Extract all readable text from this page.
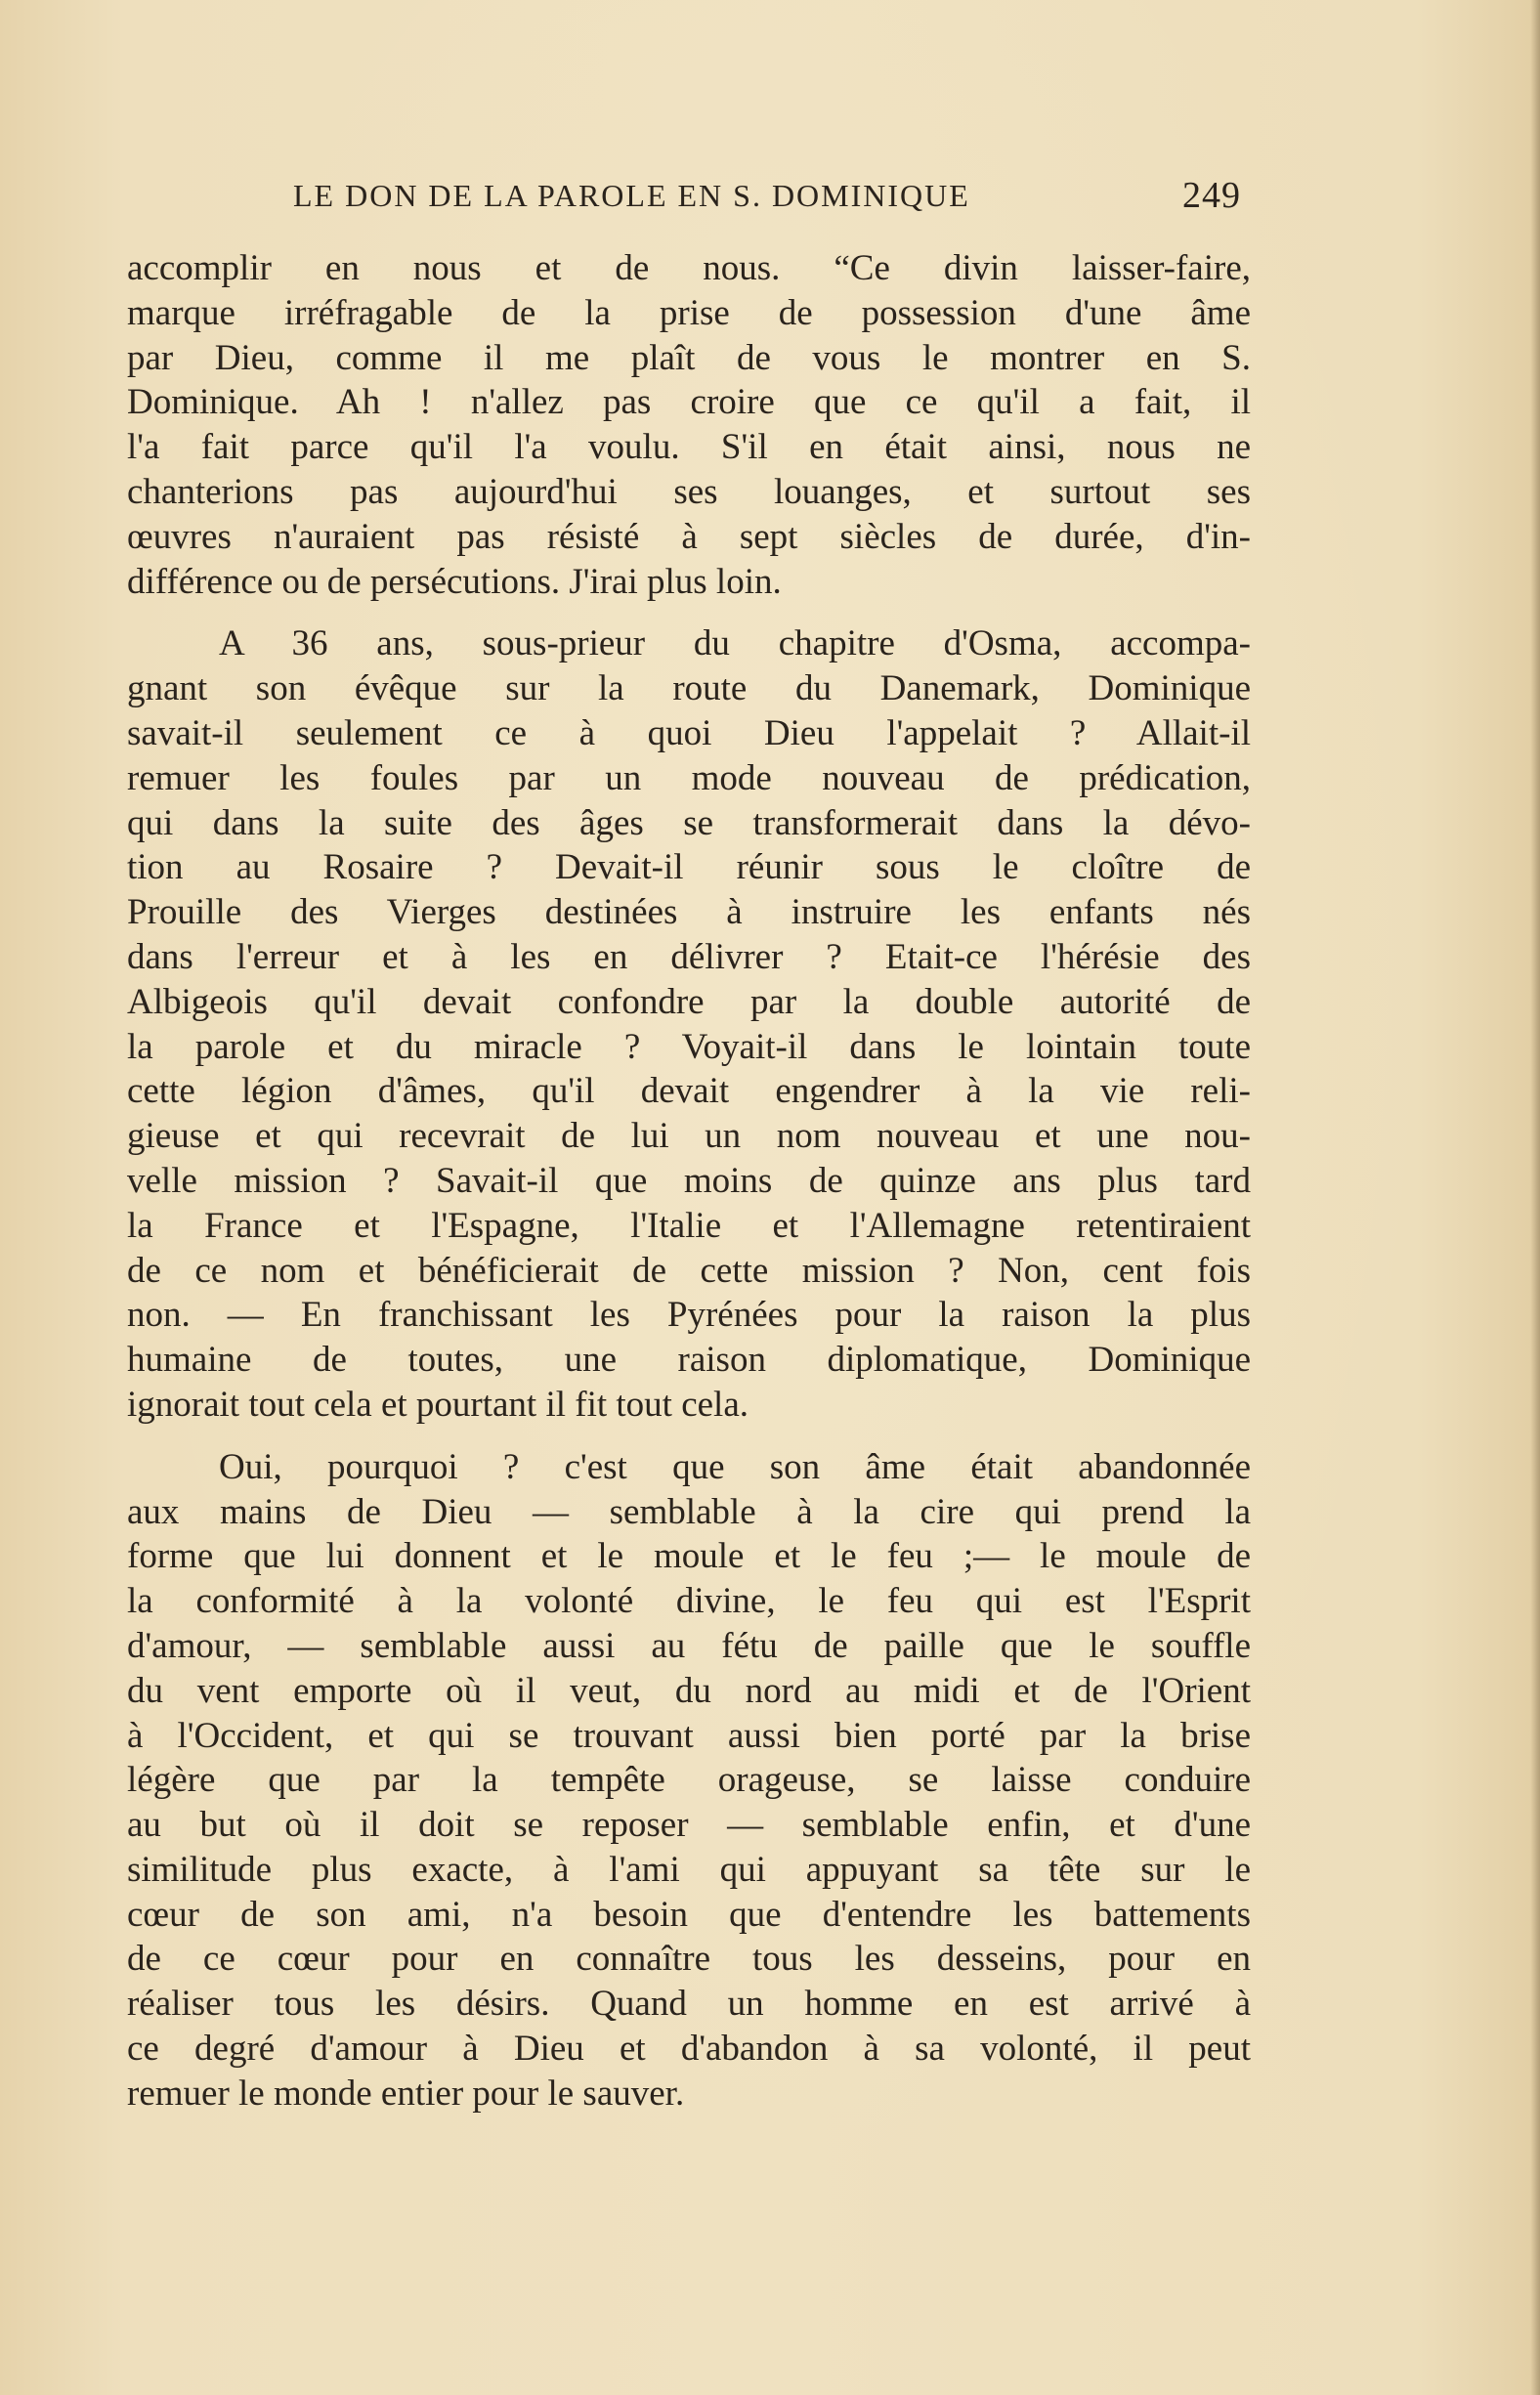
LE DON DE LA PAROLE EN S. DOMINIQUE	249
accomplir en nous et de nous. “Ce divin laisser-faire,
marque irréfragable de la prise de possession d'une âme
par Dieu, comme il me plaît de vous le montrer en S.
Dominique. Ah ! n'allez pas croire que ce qu'il a fait, il
l'a fait parce qu'il l'a voulu. S'il en était ainsi, nous ne
chanterions pas aujourd'hui ses louanges, et surtout ses
œuvres n'auraient pas résisté à sept siècles de durée, d'in-
différence ou de persécutions. J'irai plus loin.
A 36 ans, sous-prieur du chapitre d'Osma, accompa-
gnant son évêque sur la route du Danemark, Dominique
savait-il seulement ce à quoi Dieu l'appelait ? Allait-il
remuer les foules par un mode nouveau de prédication,
qui dans la suite des âges se transformerait dans la dévo-
tion au Rosaire ? Devait-il réunir sous le cloître de
Prouille des Vierges destinées à instruire les enfants nés
dans l'erreur et à les en délivrer ? Etait-ce l'hérésie des
Albigeois qu'il devait confondre par la double autorité de
la parole et du miracle ? Voyait-il dans le lointain toute
cette légion d'âmes, qu'il devait engendrer à la vie reli-
gieuse et qui recevrait de lui un nom nouveau et une nou-
velle mission ? Savait-il que moins de quinze ans plus tard
la France et l'Espagne, l'Italie et l'Allemagne retentiraient
de ce nom et bénéficierait de cette mission ? Non, cent fois
non. — En franchissant les Pyrénées pour la raison la plus
humaine de toutes, une raison diplomatique, Dominique
ignorait tout cela et pourtant il fit tout cela.
Oui, pourquoi ? c'est que son âme était abandonnée
aux mains de Dieu — semblable à la cire qui prend la
forme que lui donnent et le moule et le feu ;— le moule de
la conformité à la volonté divine, le feu qui est l'Esprit
d'amour, — semblable aussi au fétu de paille que le souffle
du vent emporte où il veut, du nord au midi et de l'Orient
à l'Occident, et qui se trouvant aussi bien porté par la brise
légère que par la tempête orageuse, se laisse conduire
au but où il doit se reposer — semblable enfin, et d'une
similitude plus exacte, à l'ami qui appuyant sa tête sur le
cœur de son ami, n'a besoin que d'entendre les battements
de ce cœur pour en connaître tous les desseins, pour en
réaliser tous les désirs. Quand un homme en est arrivé à
ce degré d'amour à Dieu et d'abandon à sa volonté, il peut
remuer le monde entier pour le sauver.
